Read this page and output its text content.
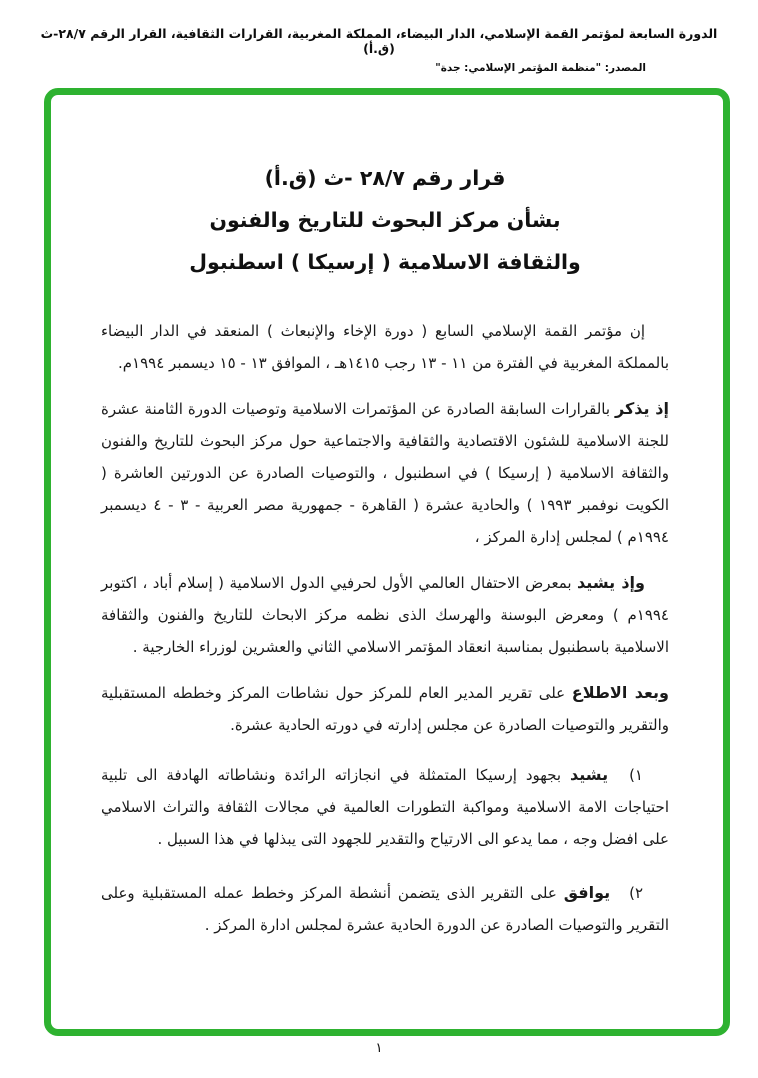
الدورة السابعة لمؤتمر القمة الإسلامي، الدار البيضاء، المملكة المغربية، القرارات الثقافية، القرار الرقم ٢٨/٧-ث (ق.أ)
المصدر: "منظمة المؤتمر الإسلامي: جدة"
قرار رقم ٢٨/٧ -ث (ق.أ)
بشأن مركز البحوث للتاريخ والفنون
والثقافة الاسلامية ( إرسيكا ) اسطنبول

إن مؤتمر القمة الإسلامي السابع ( دورة الإخاء والإنبعاث ) المنعقد في الدار البيضاء بالمملكة المغربية في الفترة من ١١ - ١٣ رجب ١٤١٥هـ ، الموافق ١٣ - ١٥ ديسمبر ١٩٩٤م.

إذ يذكر بالقرارات السابقة الصادرة عن المؤتمرات الاسلامية وتوصيات الدورة الثامنة عشرة للجنة الاسلامية للشئون الاقتصادية والثقافية والاجتماعية حول مركز البحوث للتاريخ والفنون والثقافة الاسلامية ( إرسيكا ) في اسطنبول ، والتوصيات الصادرة عن الدورتين العاشرة ( الكويت نوفمبر ١٩٩٣ ) والحادية عشرة ( القاهرة - جمهورية مصر العربية - ٣ - ٤ ديسمبر ١٩٩٤م ) لمجلس إدارة المركز ،

وإذ يشيد بمعرض الاحتفال العالمي الأول لحرفيي الدول الاسلامية ( إسلام أباد ، اكتوبر ١٩٩٤م ) ومعرض البوسنة والهرسك الذى نظمه مركز الابحاث للتاريخ والفنون والثقافة الاسلامية باسطنبول بمناسبة انعقاد المؤتمر الاسلامي الثاني والعشرين لوزراء الخارجية .

وبعد الاطلاع على تقرير المدير العام للمركز حول نشاطات المركز وخططه المستقبلية والتقرير والتوصيات الصادرة عن مجلس إدارته في دورته الحادية عشرة.

١) يشيد بجهود إرسيكا المتمثلة في انجازاته الرائدة ونشاطاته الهادفة الى تلبية احتياجات الامة الاسلامية ومواكبة التطورات العالمية في مجالات الثقافة والتراث الاسلامي على افضل وجه ، مما يدعو الى الارتياح والتقدير للجهود التى يبذلها في هذا السبيل .

٢) يوافق على التقرير الذى يتضمن أنشطة المركز وخطط عمله المستقبلية وعلى التقرير والتوصيات الصادرة عن الدورة الحادية عشرة لمجلس ادارة المركز .

١
